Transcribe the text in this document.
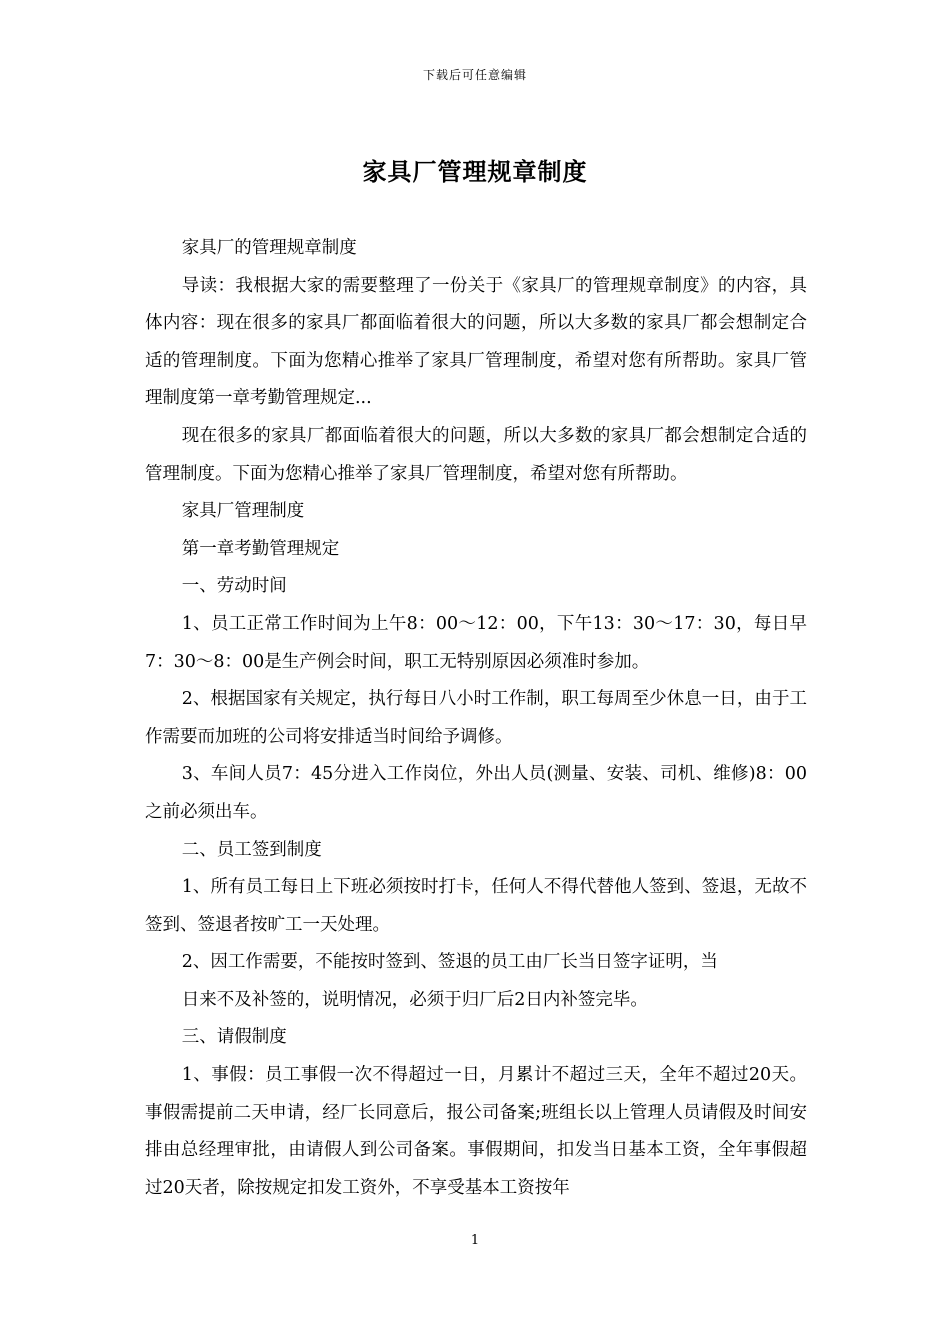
下载后可任意编辑
家具厂管理规章制度

家具厂的管理规章制度

导读：我根据大家的需要整理了一份关于《家具厂的管理规章制度》的内容，具体内容：现在很多的家具厂都面临着很大的问题，所以大多数的家具厂都会想制定合适的管理制度。下面为您精心推举了家具厂管理制度，希望对您有所帮助。家具厂管理制度第一章考勤管理规定...

现在很多的家具厂都面临着很大的问题，所以大多数的家具厂都会想制定合适的管理制度。下面为您精心推举了家具厂管理制度，希望对您有所帮助。

家具厂管理制度

第一章考勤管理规定

一、劳动时间

1、员工正常工作时间为上午8：00～12：00，下午13：30～17：30，每日早7：30～8：00是生产例会时间，职工无特别原因必须准时参加。

2、根据国家有关规定，执行每日八小时工作制，职工每周至少休息一日，由于工作需要而加班的公司将安排适当时间给予调修。

3、车间人员7：45分进入工作岗位，外出人员(测量、安装、司机、维修)8：00之前必须出车。

二、员工签到制度

1、所有员工每日上下班必须按时打卡，任何人不得代替他人签到、签退，无故不签到、签退者按旷工一天处理。

2、因工作需要，不能按时签到、签退的员工由厂长当日签字证明，当

日来不及补签的，说明情况，必须于归厂后2日内补签完毕。

三、请假制度

1、事假：员工事假一次不得超过一日，月累计不超过三天，全年不超过20天。事假需提前二天申请，经厂长同意后，报公司备案;班组长以上管理人员请假及时间安排由总经理审批，由请假人到公司备案。事假期间，扣发当日基本工资，全年事假超过20天者，除按规定扣发工资外，不享受基本工资按年

1
